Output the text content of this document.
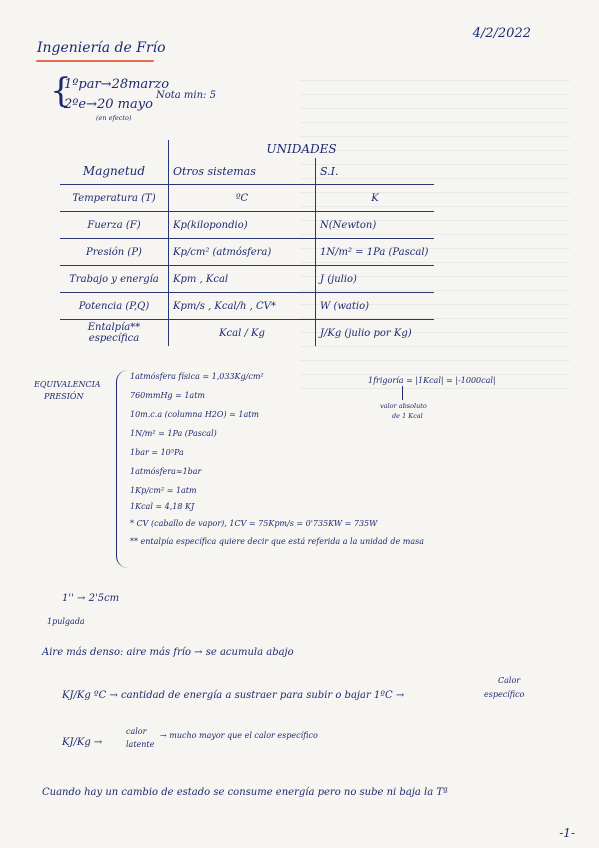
Ingeniería de Frío
4/2/2022
{
1ºpar→28marzo
2ºe→20 mayo
(en efecto)
Nota min: 5
	UNIDADES	
Magnetud	Otros sistemas	S.I.
Temperatura (T)	ºC	K
Fuerza (F)	Kp(kilopondio)	N(Newton)
Presión (P)	Kp/cm² (atmósfera)	1N/m² = 1Pa (Pascal)
Trabajo y energía	Kpm , Kcal	J (julio)
Potencia (P,Q)	Kpm/s , Kcal/h , CV*	W (watio)
Entalpía** específica	Kcal / Kg	J/Kg (julio por Kg)
EQUIVALENCIA
PRESIÓN
1atmósfera física = 1,033Kg/cm²
760mmHg = 1atm
10m.c.a (columna H2O) = 1atm
1N/m² = 1Pa (Pascal)
1bar = 10⁵Pa
1atmósfera≈1bar
1Kp/cm² = 1atm
1Kcal = 4,18 KJ
* CV (caballo de vapor), 1CV = 75Kpm/s = 0'735KW = 735W
** entalpía específica quiere decir que está referida a la unidad de masa
1frigoría = |1Kcal| = |-1000cal|
valor absoluto
de 1 Kcal
1'' → 2'5cm
1pulgada
Aire más denso: aire más frío → se acumula abajo
KJ/Kg ºC → cantidad de energía a sustraer para subir o bajar 1ºC →
Calor
específico
KJ/Kg →
calor
latente
→ mucho mayor que el calor específico
Cuando hay un cambio de estado se consume energía pero no sube ni baja la Tª
-1-
